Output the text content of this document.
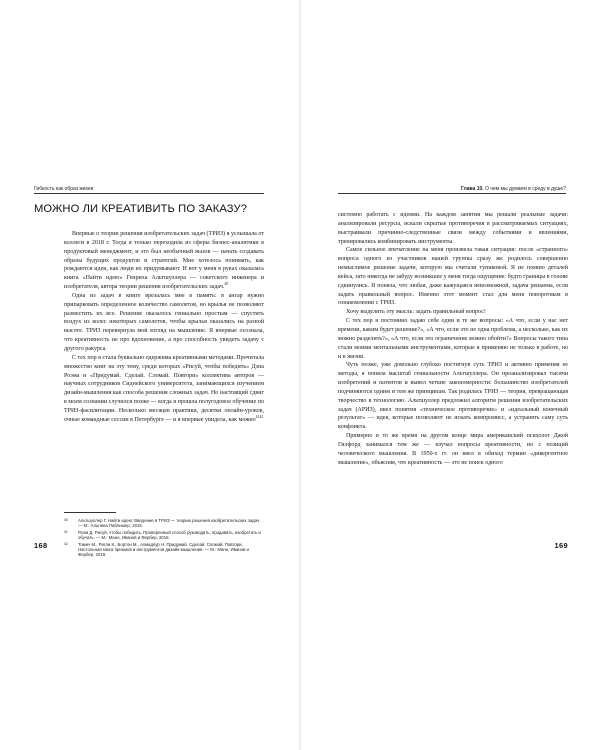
Гибкость как образ жизни
МОЖНО ЛИ КРЕАТИВИТЬ ПО ЗАКАЗУ?

Впервые о теории решения изобретательских задач (ТРИЗ) я услышала от коллеги в 2018 г. Тогда я только переходила из сферы бизнес-аналитики в продуктовый менеджмент, и это был необычный вызов — начать создавать образы будущих продуктов и стратегий. Мне хотелось понимать, как рождаются идеи, как люди их придумывают. И вот у меня в руках оказалась книга «Найти идею» Генриха Альтшуллера — советского инженера и изобретателя, автора теории решения изобретательских задач.$^{40}$

Одна из задач в книге врезалась мне в память: в ангар нужно припарковать определенное количество самолетов, но крылья не позволяют разместить их все. Решение оказалось гениально простым — спустить воздух из колес некоторых самолетов, чтобы крылья оказались на разной высоте. ТРИЗ перевернула мой взгляд на мышление. Я впервые осознала, что креативность не про вдохновение, а про способность увидеть задачу с другого ракурса.

С тех пор я стала буквально одержима креативными методами. Прочитала множество книг на эту тему, среди которых «Рисуй, чтобы победить» Дэна Роэма и «Придумай. Сделай. Сломай. Повтори» коллектива авторов — научных сотрудников Сиднейского университета, занимающихся изучением дизайн-мышления как способа решения сложных задач. Но настоящий сдвиг в моем сознании случился позже — когда я прошла полугодовое обучение по ТРИЗ-фасилитации. Несколько месяцев практики, десятки онлайн-уроков, очные командные сессии в Петербурге — и я впервые увидела, как можно$^{4142}$

40 Альтшуллер Г. Найти идею: Введение в ТРИЗ — теорию решения изобретательских задач. — М.: Альпина Паблишер, 2015.
41 Роэм Д. Рисуй, чтобы победить. Проверенный способ руководить, продавать, изобретать и обучать. — М.: Манн, Иванов и Фербер, 2018.
42 Томич М., Ригли К., Бортон М., Ахмадпур Н. Придумай. Сделай. Сломай. Повтори. Настольная книга приемов и инструментов дизайн-мышления. — М.: Манн, Иванов и Фербер, 2019.
168
Глава 10. О чем мы думаем в среду в душе?

системно работать с идеями. На каждом занятии мы решали реальные задачи: анализировали ресурсы, искали скрытые противоречия в рассматриваемых ситуациях, выстраивали причинно-следственные связи между событиями и явлениями, тренировались комбинировать инструменты.

Самое сильное впечатление на меня произвела такая ситуация: после «странного» вопроса одного из участников нашей группы сразу же родилось совершенно немыслимое решение задачи, которую мы считали тупиковой. Я не помню деталей кейса, зато никогда не забуду возникшее у меня тогда ощущение: будто границы в голове сдвинулись. Я поняла, что любая, даже кажущаяся невозможной, задача решаема, если задать правильный вопрос. Именно этот момент стал для меня поворотным в ознакомлении с ТРИЗ.

Хочу выделить эту мысль: задать правильный вопрос!

С тех пор я постоянно задаю себе одни и те же вопросы: «А что, если у нас нет времени, каким будет решение?», «А что, если это не одна проблема, а несколько, как их можно разделить?», «А что, если это ограничение можно обойти?» Вопросы такого типа стали моими ментальными инструментами, которые я применяю не только в работе, но и в жизни.

Чуть позже, уже довольно глубоко постигнув суть ТРИЗ и активно применяя ее методы, я поняла масштаб гениальности Альтшуллера. Он проанализировал тысячи изобретений и патентов и вывел четкие закономерности: большинство изобретателей подчиняются одним и тем же принципам. Так родилась ТРИЗ — теория, превращающая творчество в технологию. Альтшуллер предложил алгоритм решения изобретательских задач (АРИЗ), ввел понятия «техническое противоречие» и «идеальный конечный результат» — идея, которые позволяют не искать компромисс, а устранять саму суть конфликта.

Примерно в то же время на другом конце мира американский психолог Джой Гилфорд занимался тем же — изучал вопросы креативности, но с позиций человеческого мышления. В 1950-х гг. он ввел в обиход термин «дивергентное мышление», объясняя, что креативность — это не поиск одного

169
